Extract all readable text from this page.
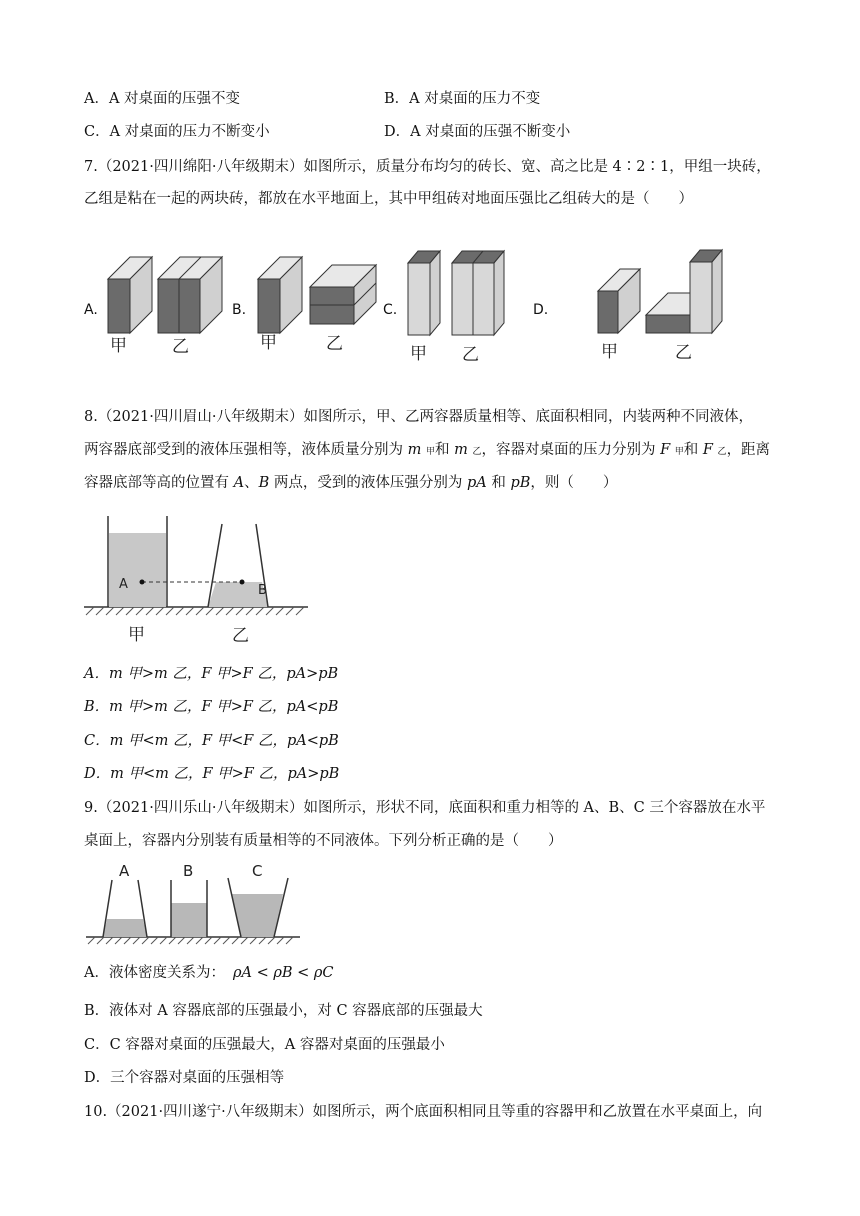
A．A 对桌面的压强不变	B．A 对桌面的压力不变
C．A 对桌面的压力不断变小	D．A 对桌面的压强不断变小
7.（2021·四川绵阳·八年级期末）如图所示，质量分布均匀的砖长、宽、高之比是 4∶2∶1，甲组一块砖，
乙组是粘在一起的两块砖，都放在水平地面上，其中甲组砖对地面压强比乙组砖大的是（　　）
A.	B.	C.	D.
甲	乙	甲	乙	甲 乙	甲	乙
8.（2021·四川眉山·八年级期末）如图所示，甲、乙两容器质量相等、底面积相同，内装两种不同液体，
两容器底部受到的液体压强相等，液体质量分别为 m 甲和 m 乙，容器对桌面的压力分别为 F 甲和 F 乙，距离
容器底部等高的位置有 A、B 两点，受到的液体压强分别为 pA 和 pB，则（　　）
A	B
甲	乙
A．m 甲>m 乙，F 甲>F 乙，pA>pB
B．m 甲>m 乙，F 甲>F 乙，pA<pB
C．m 甲<m 乙，F 甲<F 乙，pA<pB
D．m 甲<m 乙，F 甲>F 乙，pA>pB
9.（2021·四川乐山·八年级期末）如图所示，形状不同，底面积和重力相等的 A、B、C 三个容器放在水平
桌面上，容器内分别装有质量相等的不同液体。下列分析正确的是（　　）
A	B	C
A．液体密度关系为： ρA < ρB < ρC
B．液体对 A 容器底部的压强最小，对 C 容器底部的压强最大
C．C 容器对桌面的压强最大，A 容器对桌面的压强最小
D．三个容器对桌面的压强相等
10.（2021·四川遂宁·八年级期末）如图所示，两个底面积相同且等重的容器甲和乙放置在水平桌面上，向
